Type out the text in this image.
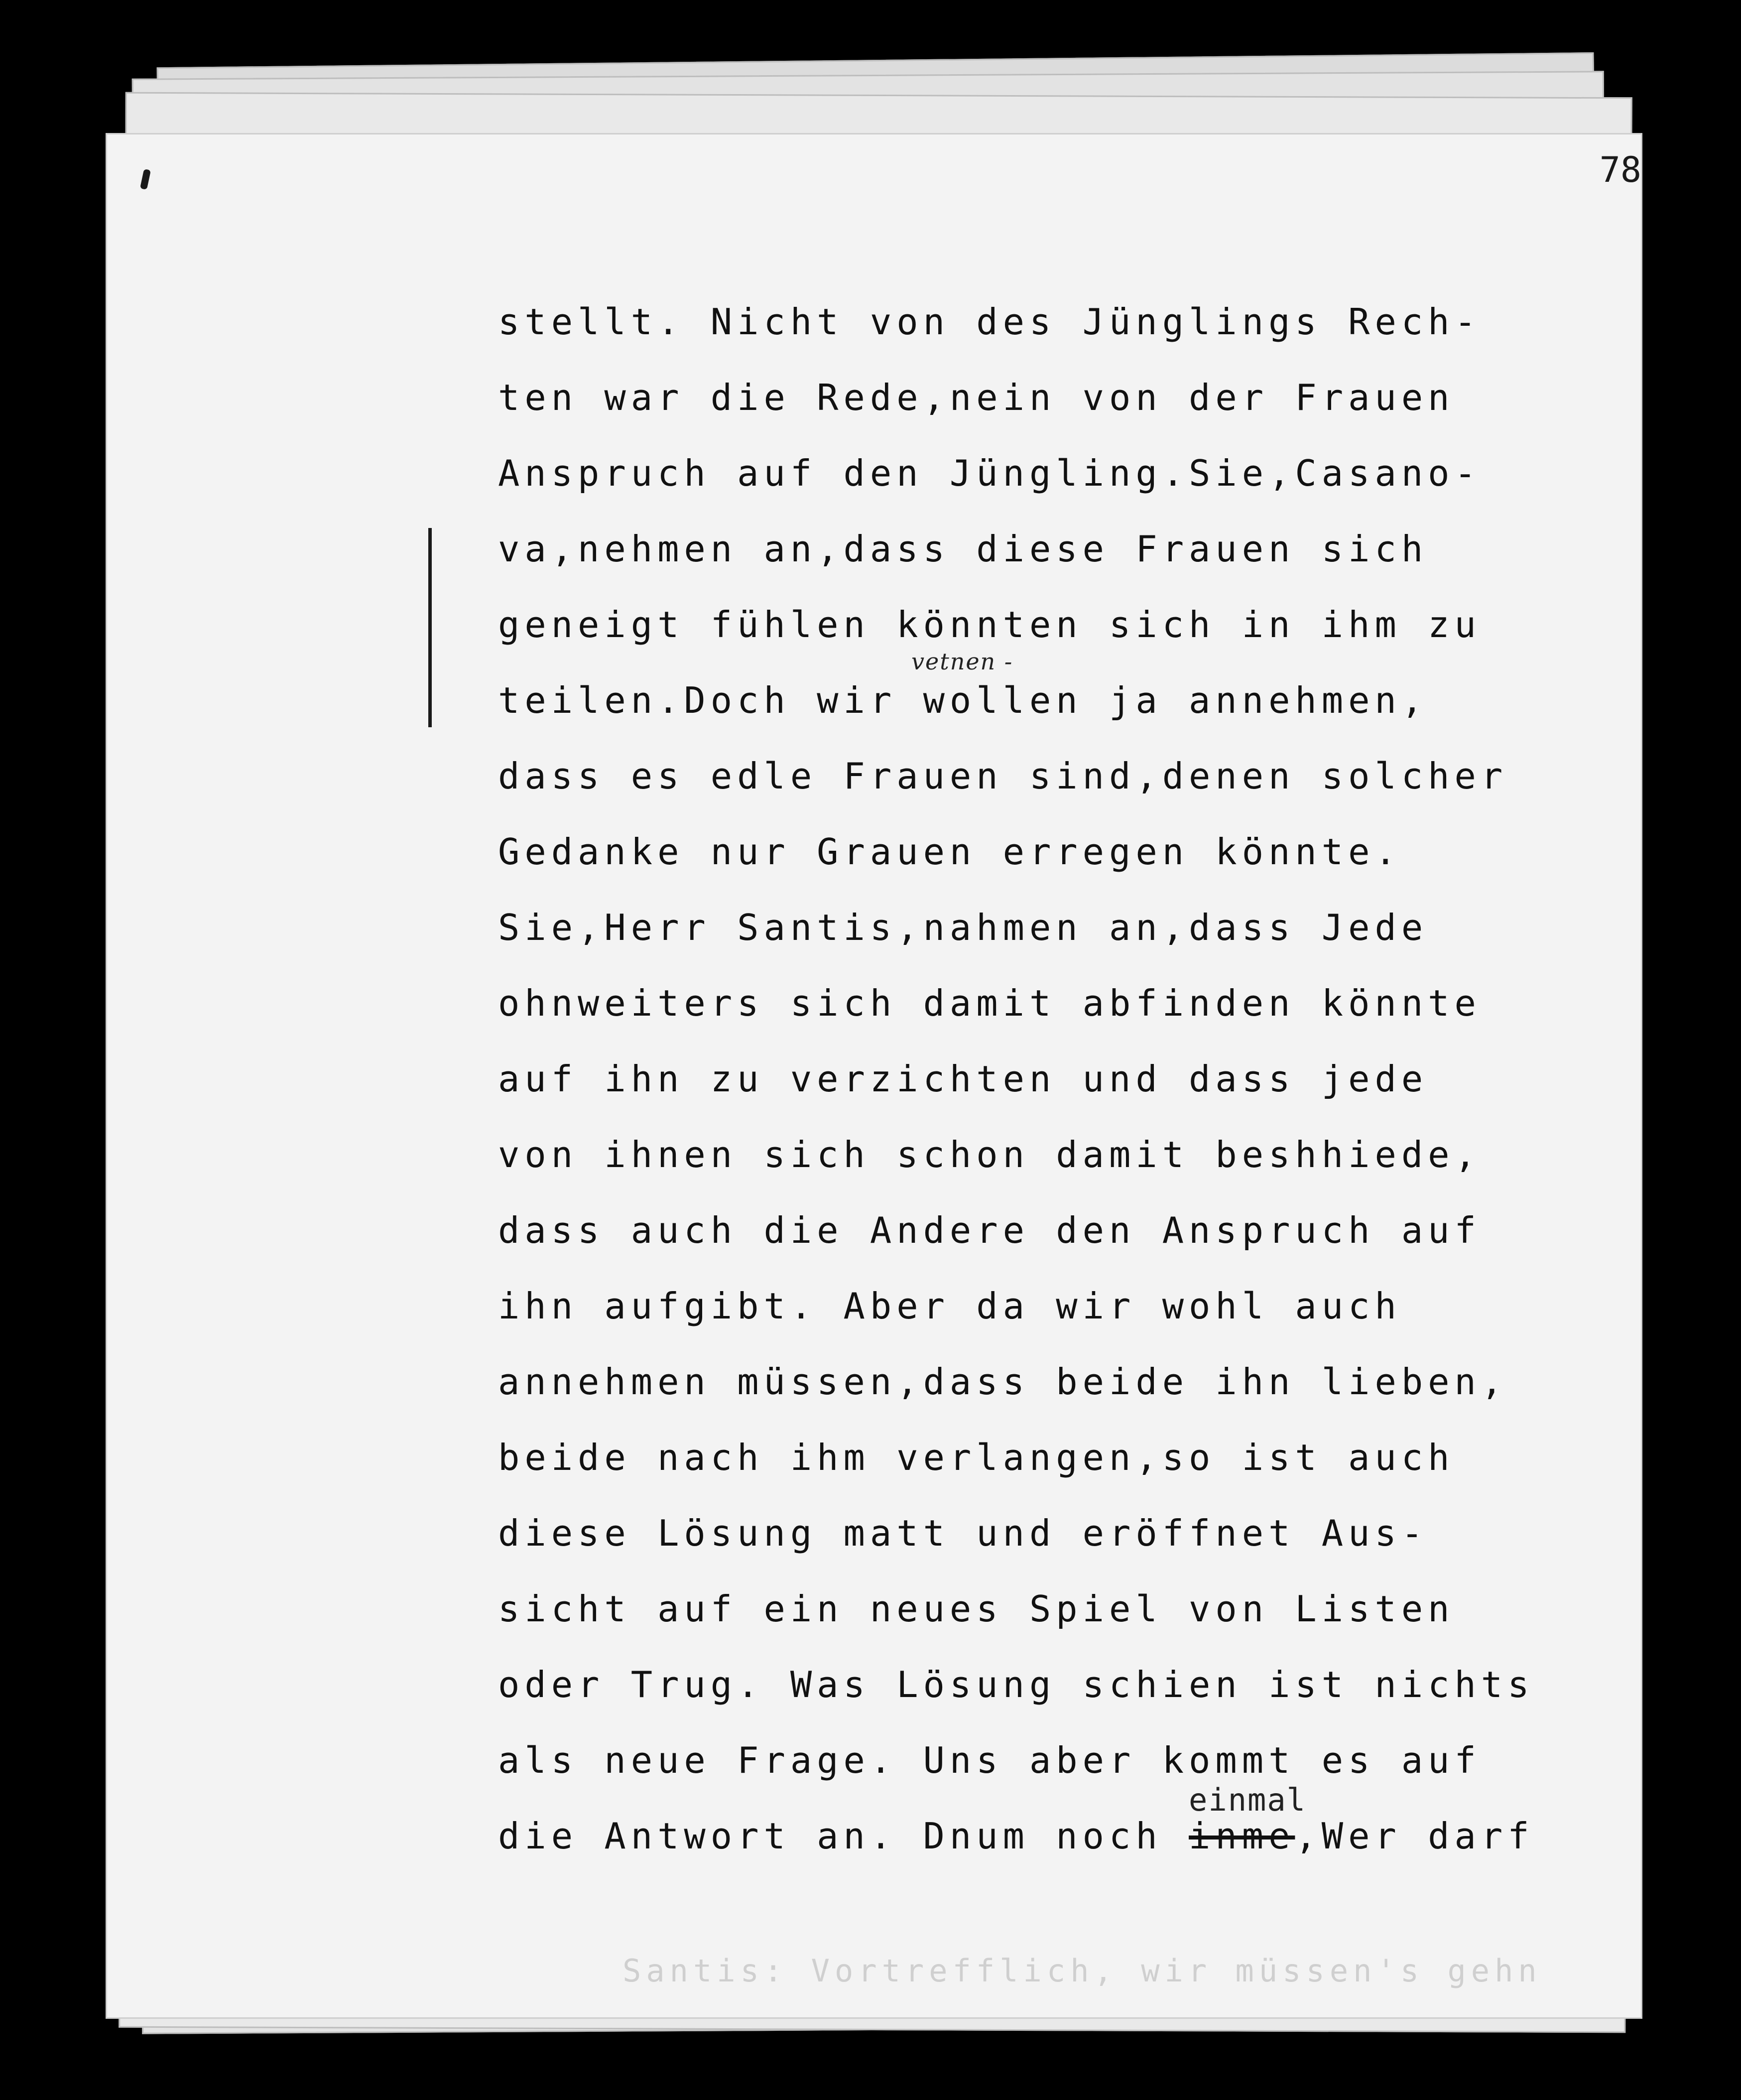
78
stellt. Nicht von des Jünglings Rech-
ten war die Rede,nein von der Frauen
Anspruch auf den Jüngling.Sie,Casano-
va,nehmen an,dass diese Frauen sich
geneigt fühlen könnten sich in ihm zu
vetnen -
teilen.Doch wir wollen ja annehmen,
dass es edle Frauen sind,denen solcher
Gedanke nur Grauen erregen könnte.
Sie,Herr Santis,nahmen an,dass Jede
ohnweiters sich damit abfinden könnte
auf ihn zu verzichten und dass jede
von ihnen sich schon damit beshhiede,
dass auch die Andere den Anspruch auf
ihn aufgibt. Aber da wir wohl auch
annehmen müssen,dass beide ihn lieben,
beide nach ihm verlangen,so ist auch
diese Lösung matt und eröffnet Aus-
sicht auf ein neues Spiel von Listen
oder Trug. Was Lösung schien ist nichts
als neue Frage. Uns aber kommt es auf
die Antwort an. Dnum noch
einmal
inme,Wer darf
Santis: Vortrefflich, wir müssen's gehn
